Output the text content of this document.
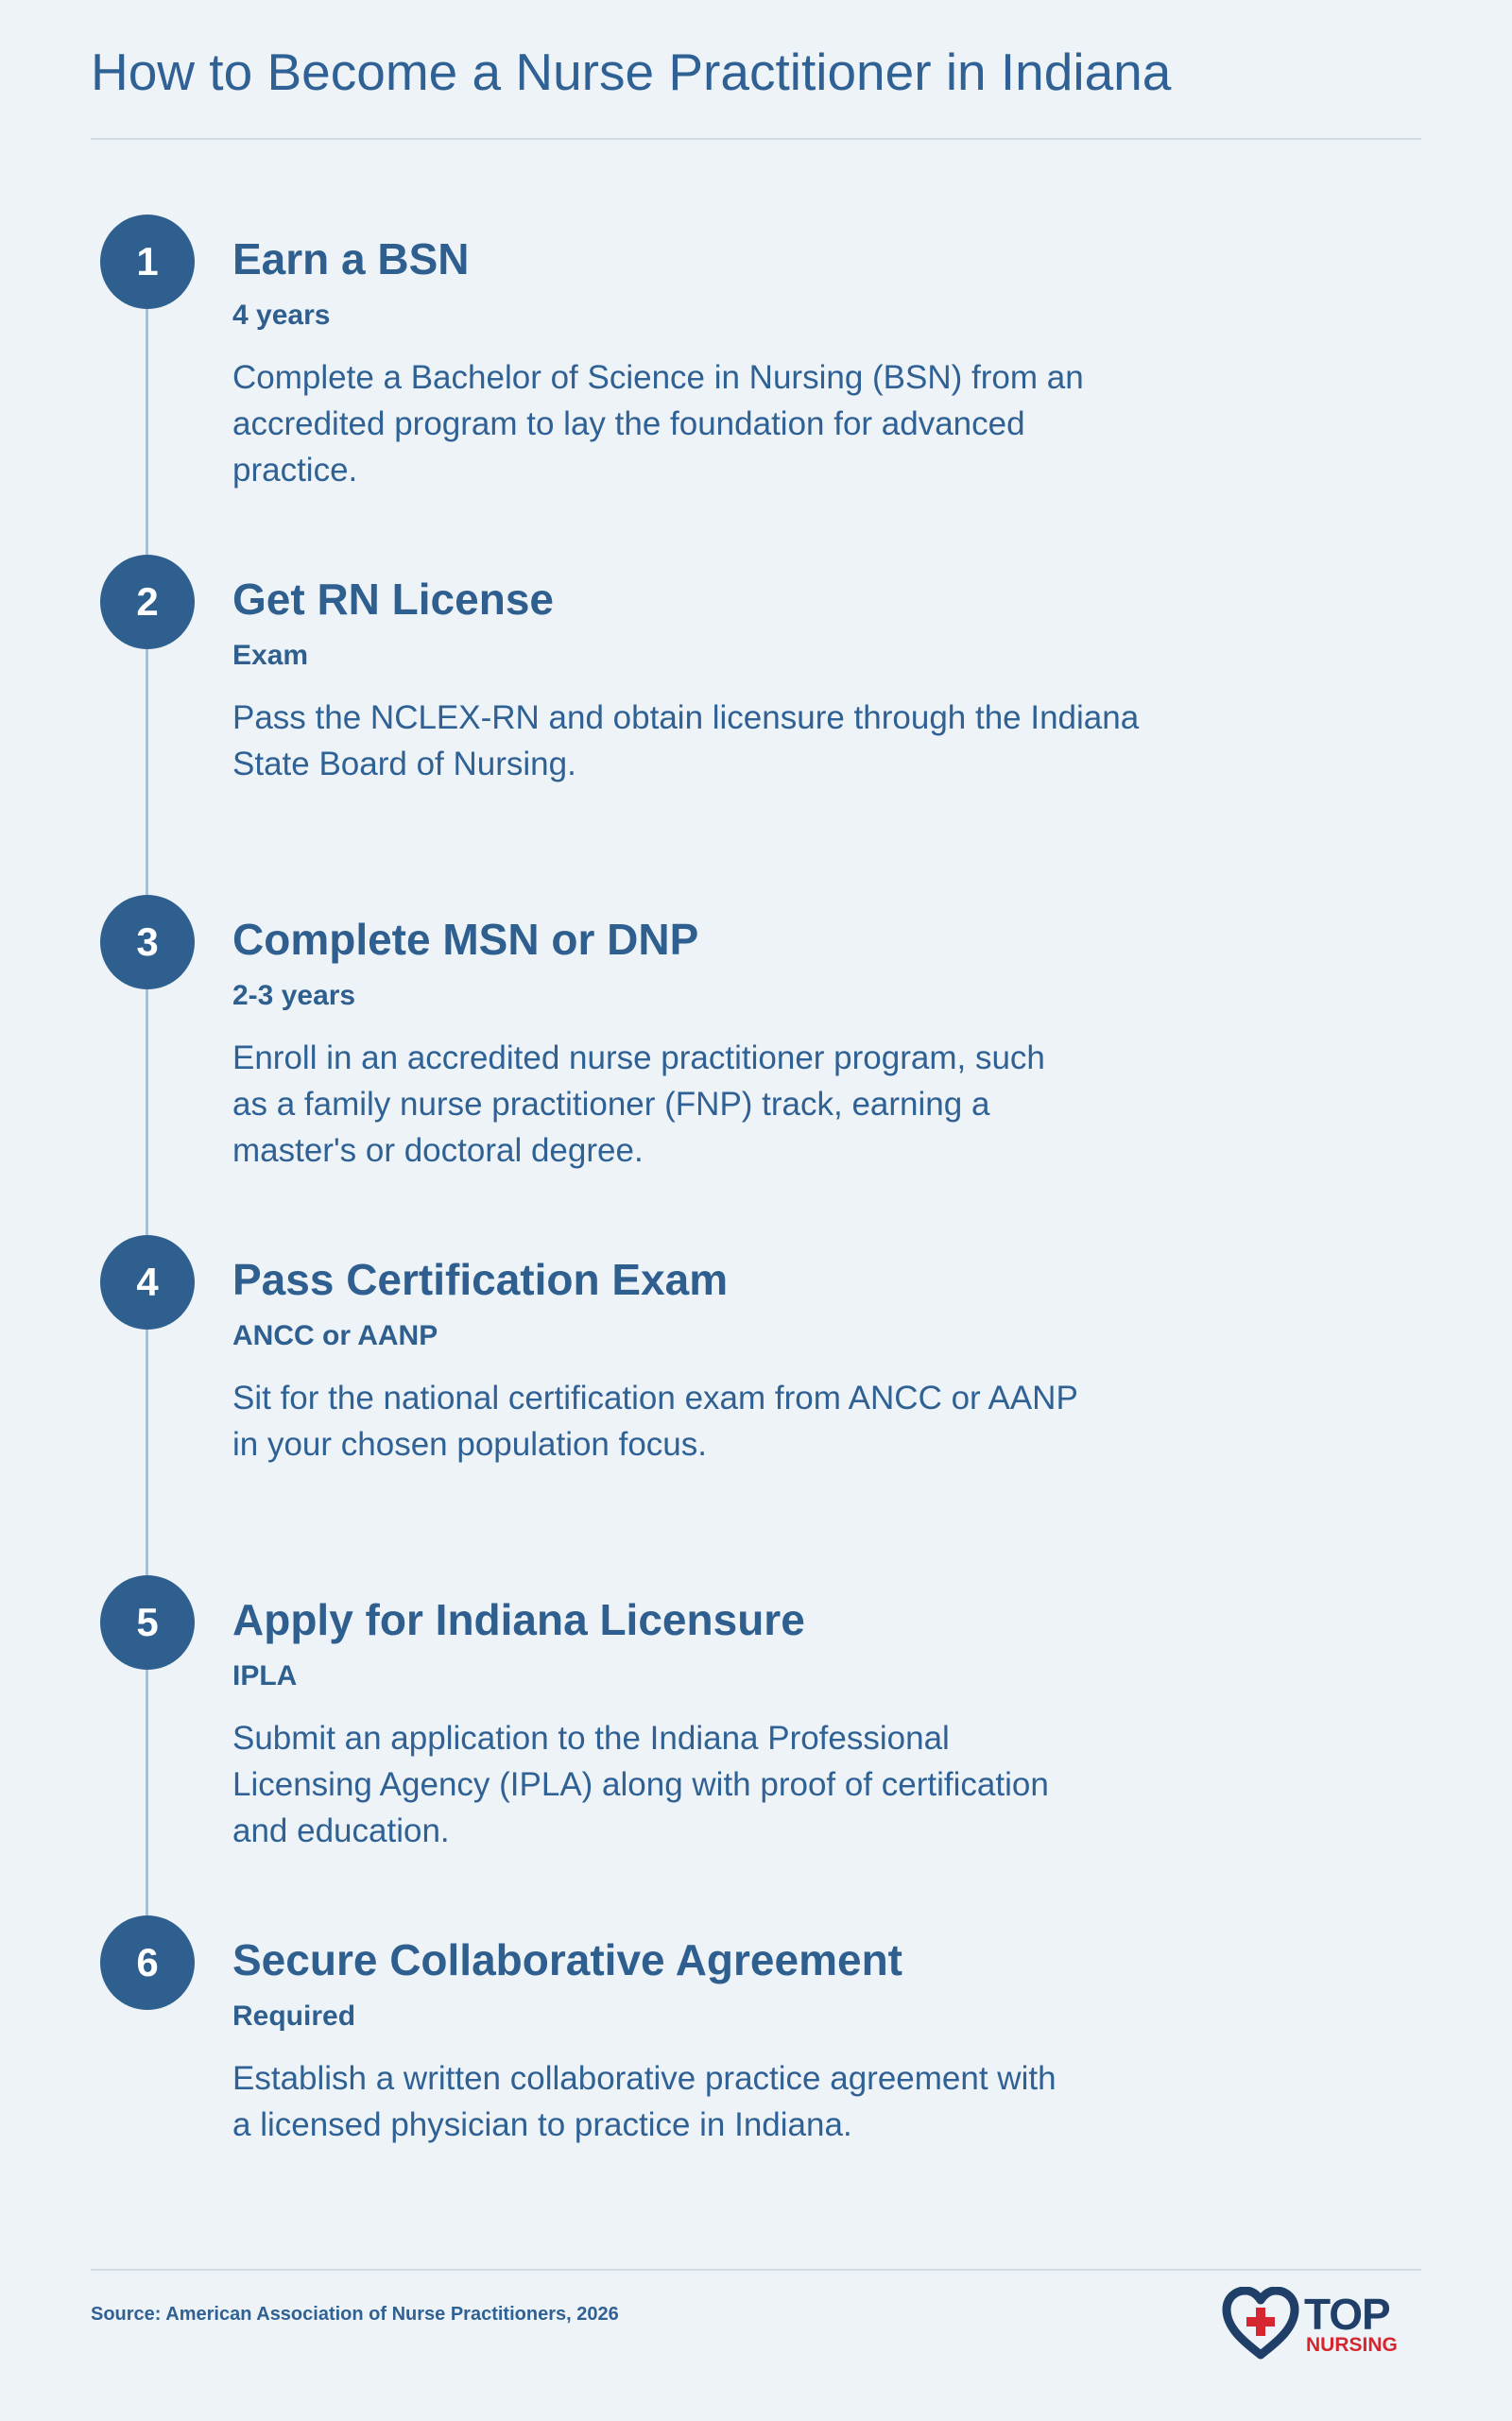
How to Become a Nurse Practitioner in Indiana
1	Earn a BSN
4 years
Complete a Bachelor of Science in Nursing (BSN) from an
accredited program to lay the foundation for advanced
practice.
2	Get RN License
Exam
Pass the NCLEX-RN and obtain licensure through the Indiana
State Board of Nursing.
3	Complete MSN or DNP
2-3 years
Enroll in an accredited nurse practitioner program, such
as a family nurse practitioner (FNP) track, earning a
master's or doctoral degree.
4	Pass Certification Exam
ANCC or AANP
Sit for the national certification exam from ANCC or AANP
in your chosen population focus.
5	Apply for Indiana Licensure
IPLA
Submit an application to the Indiana Professional
Licensing Agency (IPLA) along with proof of certification
and education.
6	Secure Collaborative Agreement
Required
Establish a written collaborative practice agreement with
a licensed physician to practice in Indiana.
Source: American Association of Nurse Practitioners, 2026	TOP
NURSING
